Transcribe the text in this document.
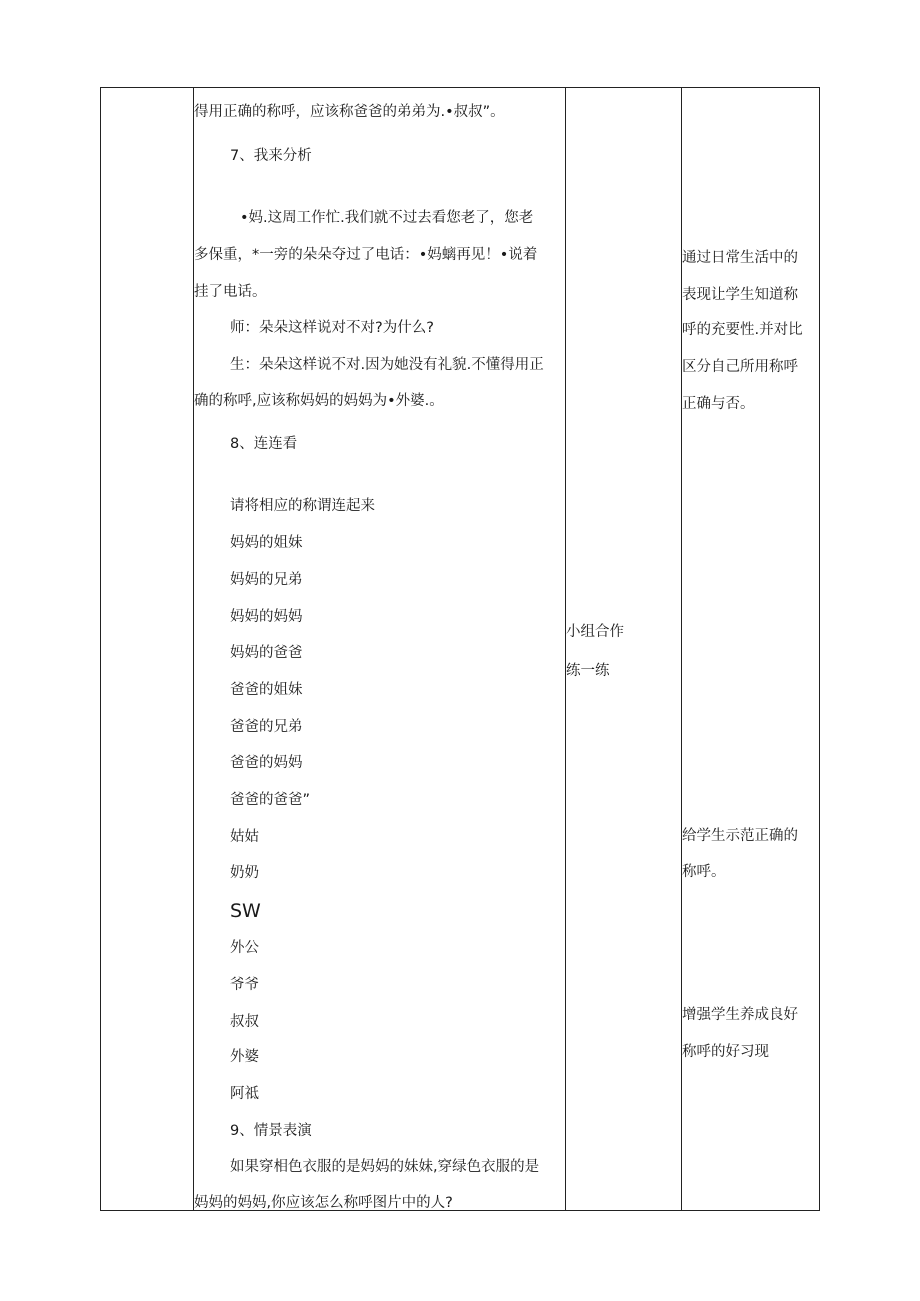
得用正确的称呼，应该称爸爸的弟弟为.•叔叔”。
7、我来分析
•妈.这周工作忙.我们就不过去看您老了，您老
多保重，*一旁的朵朵夺过了电话：•妈螭再见！•说着
挂了电话。
师：朵朵这样说对不对?为什么?
生：朵朵这样说不对.因为她没有礼貌.不懂得用正
确的称呼,应该称妈妈的妈妈为•外婆.。
8、连连看
请将相应的称谓连起来
妈妈的姐妹
妈妈的兄弟
妈妈的妈妈
妈妈的爸爸
爸爸的姐妹
爸爸的兄弟
爸爸的妈妈
爸爸的爸爸”
姑姑
奶奶
SW
外公
爷爷
叔叔
外婆
阿祗
9、情景表演
如果穿相色衣服的是妈妈的妹妹,穿绿色衣服的是
妈妈的妈妈,你应该怎么称呼图片中的人?
小组合作
练一练
通过日常生活中的
表现让学生知道称
呼的充要性.并对比
区分自己所用称呼
正确与否。
给学生示范正确的
称呼。
增强学生养成良好
称呼的好习现
